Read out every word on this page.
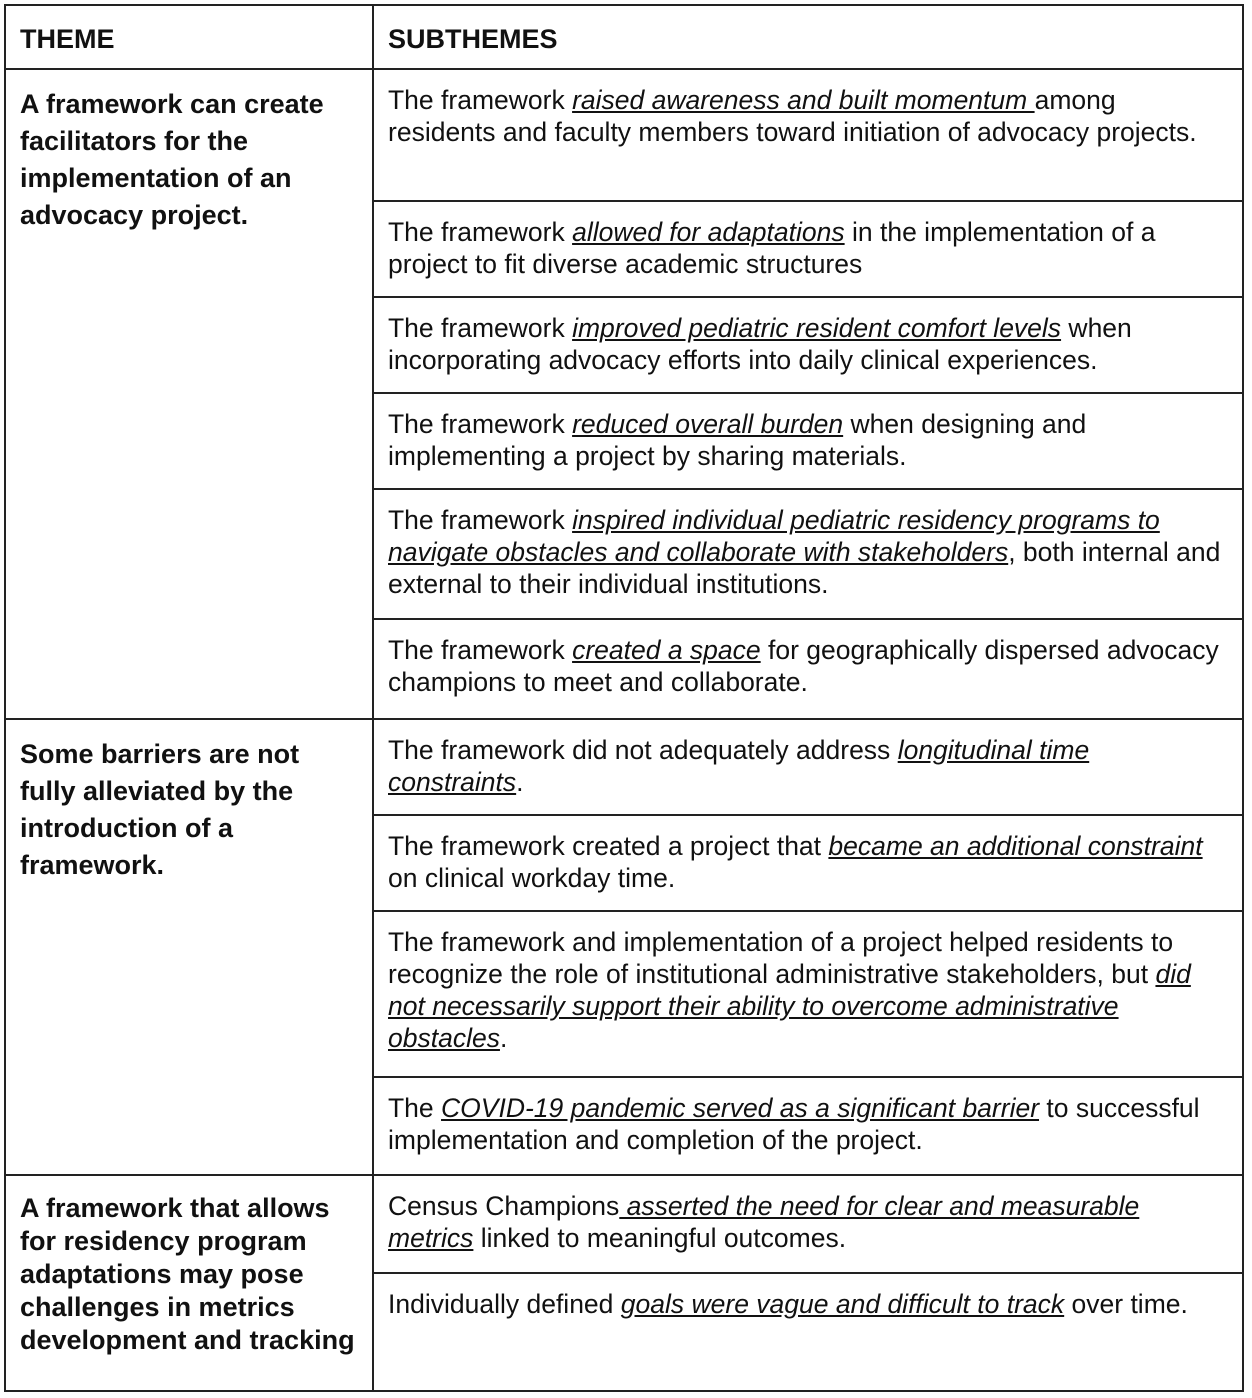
THEME	SUBTHEMES
A framework can create facilitators for the implementation of an advocacy project.	The framework raised awareness and built momentum among residents and faculty members toward initiation of advocacy projects.
	The framework allowed for adaptations in the implementation of a project to fit diverse academic structures
	The framework improved pediatric resident comfort levels when incorporating advocacy efforts into daily clinical experiences.
	The framework reduced overall burden when designing and implementing a project by sharing materials.
	The framework inspired individual pediatric residency programs to navigate obstacles and collaborate with stakeholders, both internal and external to their individual institutions.
	The framework created a space for geographically dispersed advocacy champions to meet and collaborate.
Some barriers are not fully alleviated by the introduction of a framework.	The framework did not adequately address longitudinal time constraints.
	The framework created a project that became an additional constraint on clinical workday time.
	The framework and implementation of a project helped residents to recognize the role of institutional administrative stakeholders, but did not necessarily support their ability to overcome administrative obstacles.
	The COVID-19 pandemic served as a significant barrier to successful implementation and completion of the project.
A framework that allows for residency program adaptations may pose challenges in metrics development and tracking	Census Champions asserted the need for clear and measurable metrics linked to meaningful outcomes.
	Individually defined goals were vague and difficult to track over time.
